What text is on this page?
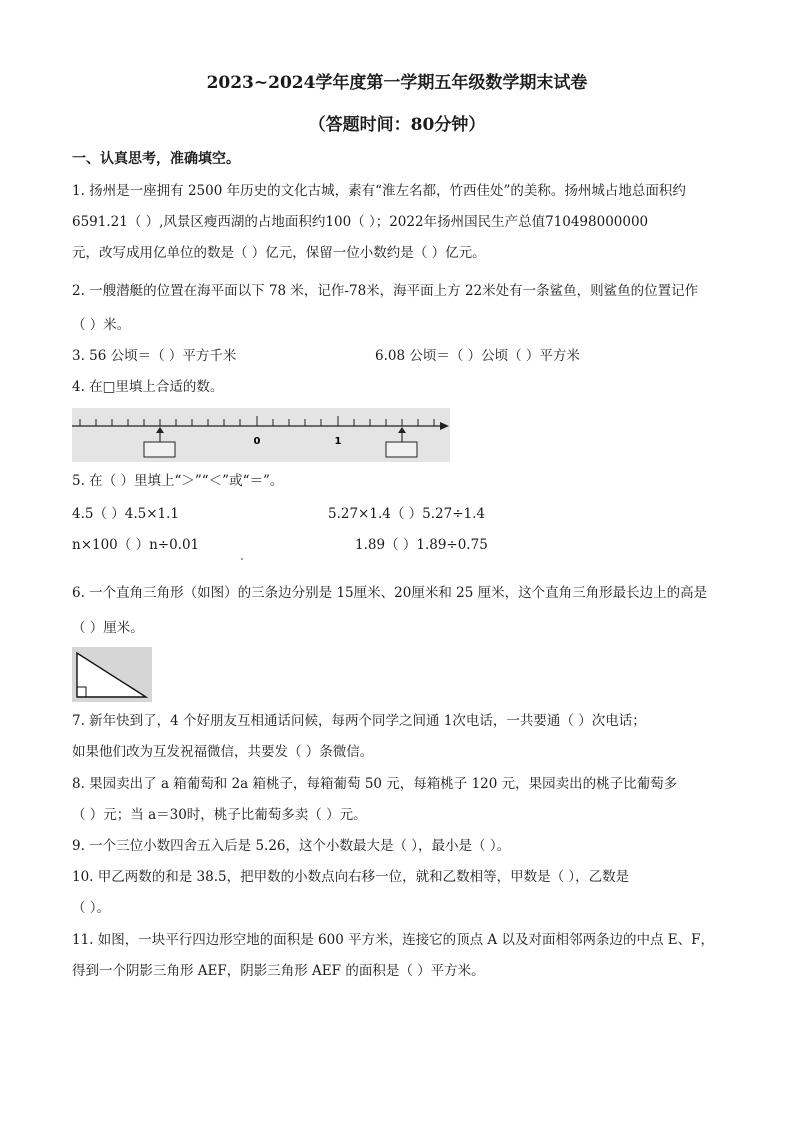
2023~2024学年度第一学期五年级数学期末试卷
（答题时间：80分钟）
一、认真思考，准确填空。
1. 扬州是一座拥有 2500 年历史的文化古城，素有“淮左名都，竹西佳处”的美称。扬州城占地总面积约
6591.21（ ）,风景区瘦西湖的占地面积约100（ ）；2022年扬州国民生产总值710498000000
元，改写成用亿单位的数是（ ）亿元，保留一位小数约是（ ）亿元。
2. 一艘潜艇的位置在海平面以下 78 米，记作-78米，海平面上方 22米处有一条鲨鱼，则鲨鱼的位置记作
（ ）米。
3. 56 公顷＝（ ）平方千米	6.08 公顷＝（ ）公顷（ ）平方米
4. 在□里填上合适的数。
0	1
5. 在（ ）里填上“＞”“＜”或“＝”。
4.5（ ）4.5×1.1	5.27×1.4（ ）5.27÷1.4
n×100（ ）n÷0.01	1.89（ ）1.89÷0.75
6. 一个直角三角形（如图）的三条边分别是 15厘米、20厘米和 25 厘米，这个直角三角形最长边上的高是
（ ）厘米。
7. 新年快到了，4 个好朋友互相通话问候，每两个同学之间通 1次电话，一共要通（ ）次电话；
如果他们改为互发祝福微信，共要发（ ）条微信。
8. 果园卖出了 a 箱葡萄和 2a 箱桃子，每箱葡萄 50 元，每箱桃子 120 元，果园卖出的桃子比葡萄多
（ ）元；当 a＝30时，桃子比葡萄多卖（ ）元。
9. 一个三位小数四舍五入后是 5.26，这个小数最大是（ ），最小是（ ）。
10. 甲乙两数的和是 38.5，把甲数的小数点向右移一位，就和乙数相等，甲数是（ ），乙数是
（ ）。
11. 如图，一块平行四边形空地的面积是 600 平方米，连接它的顶点 A 以及对面相邻两条边的中点 E、F，
得到一个阴影三角形 AEF，阴影三角形 AEF 的面积是（ ）平方米。
